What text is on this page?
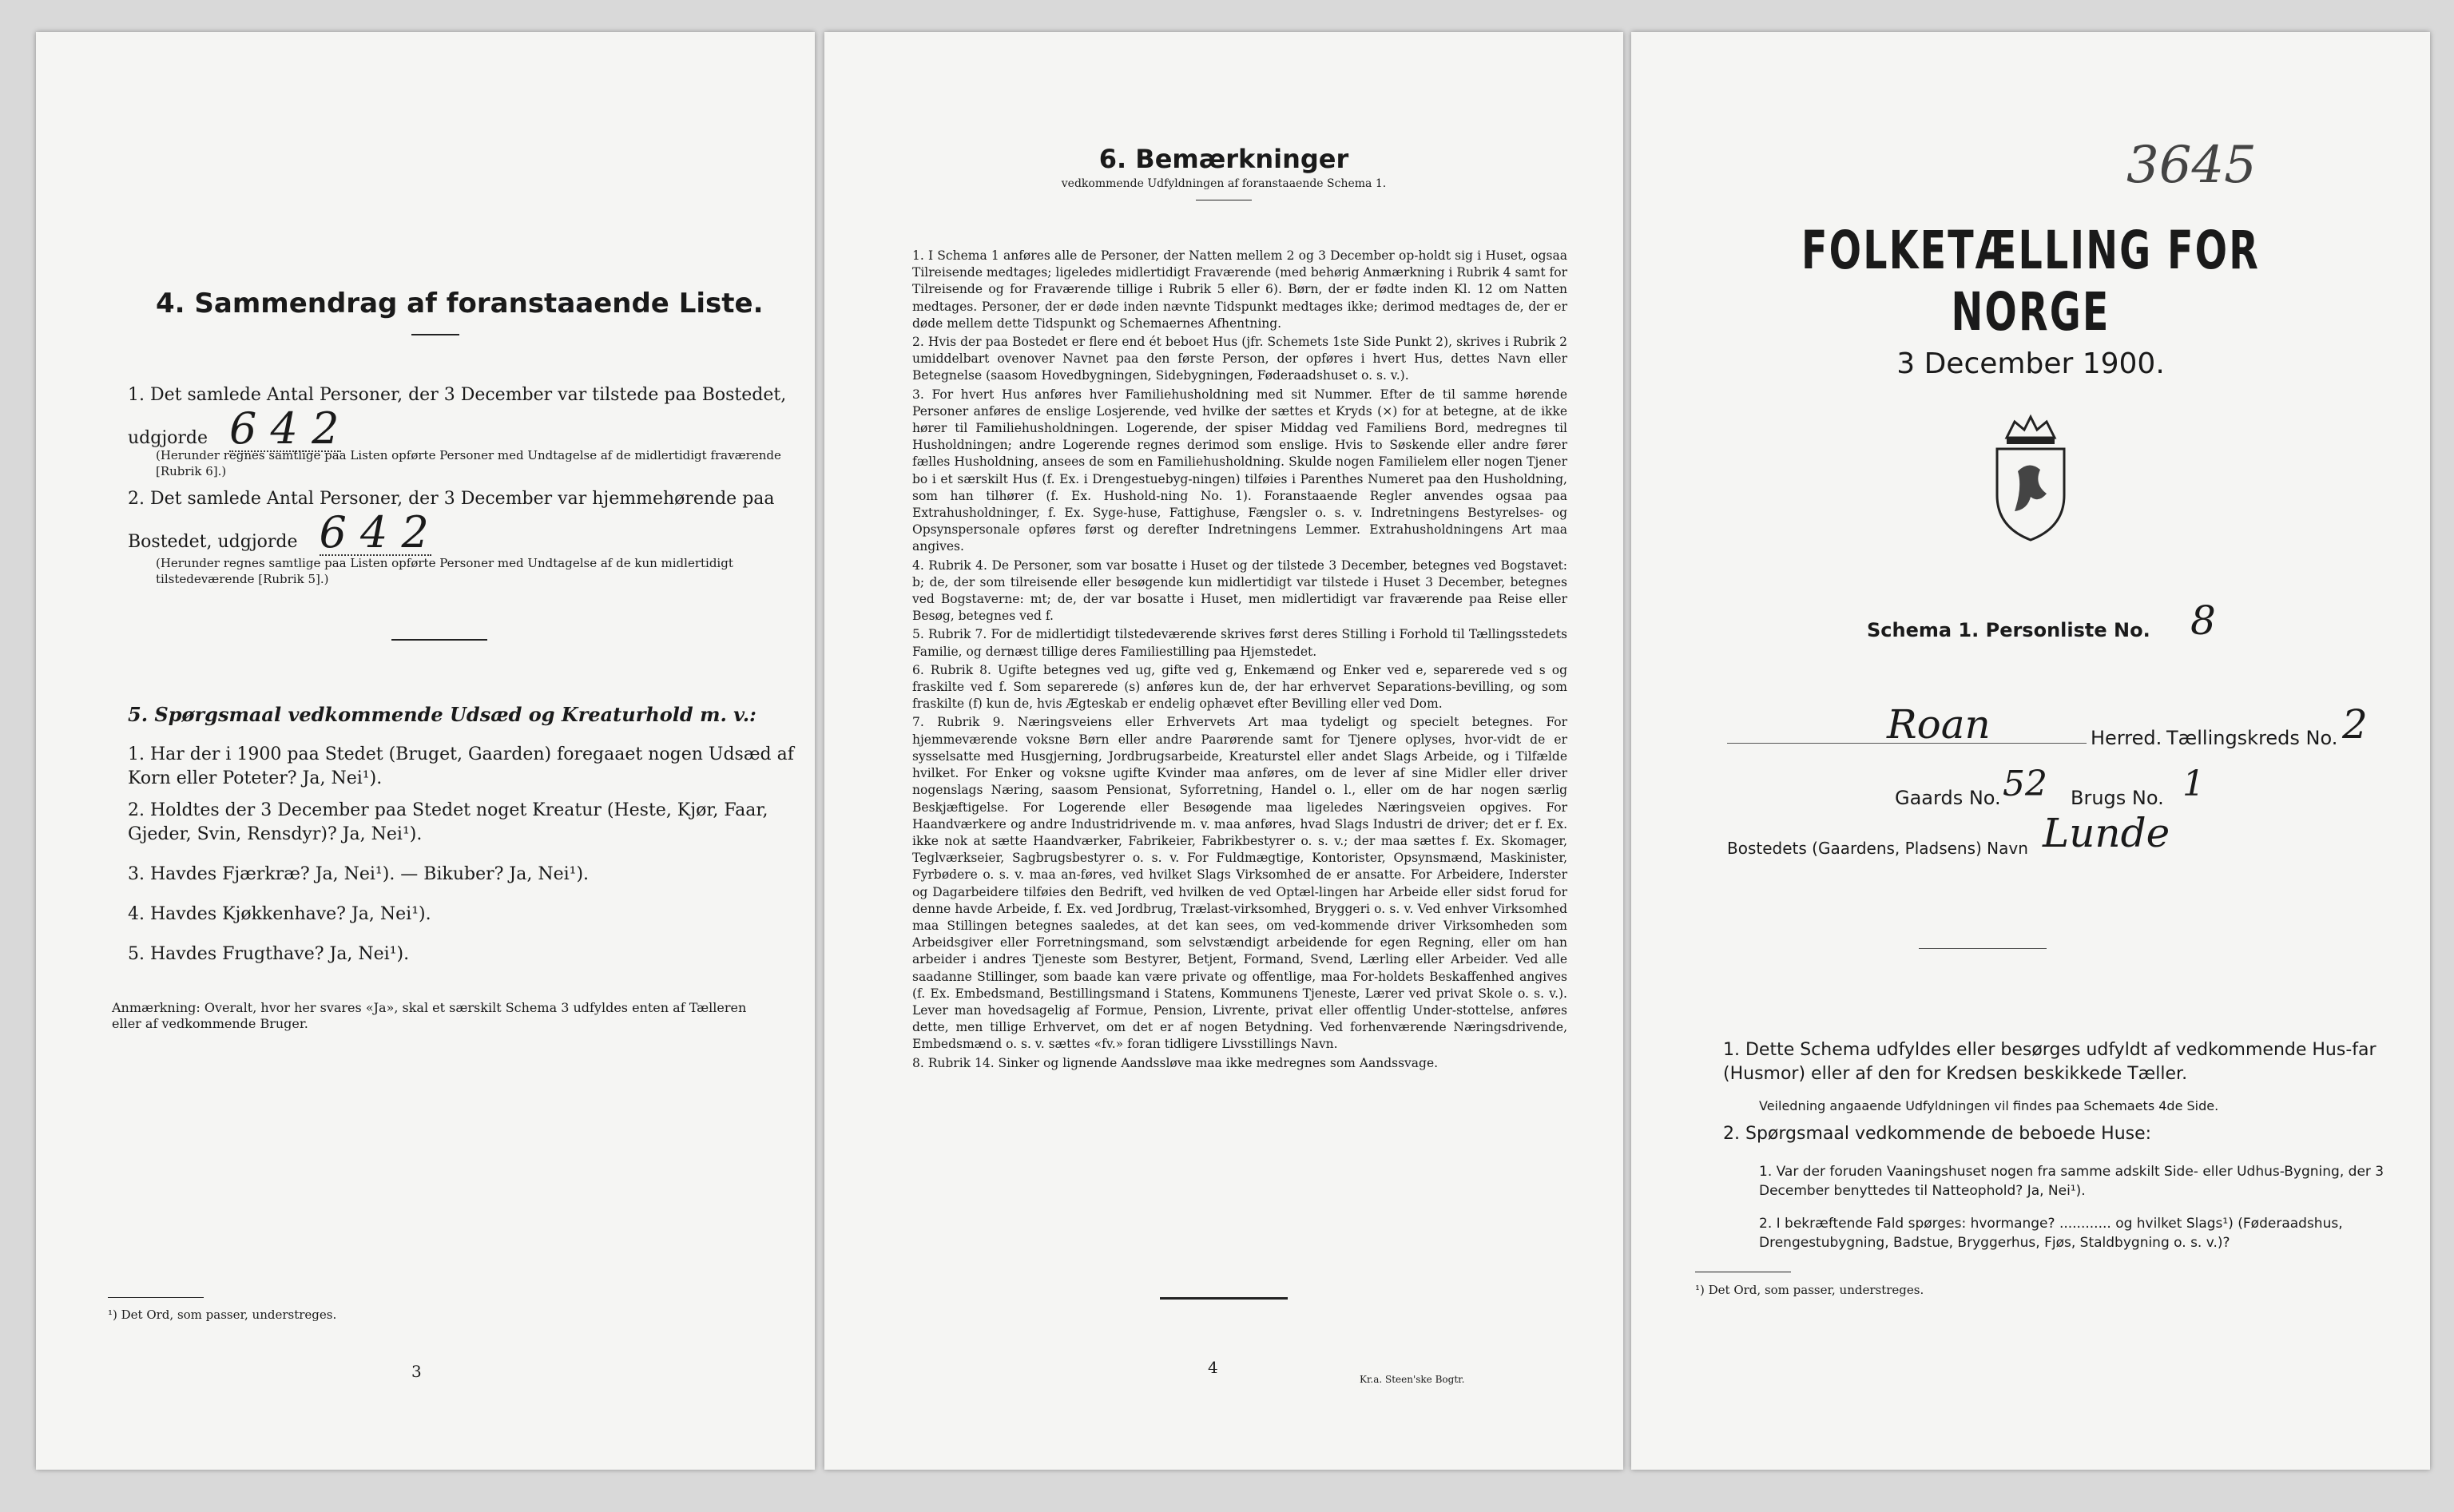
4. Sammendrag af foranstaaende Liste.
1. Det samlede Antal Personer, der 3 December var tilstede paa Bostedet,
udgjorde 6 4 2
(Herunder regnes samtlige paa Listen opførte Personer med Undtagelse af de midlertidigt fraværende [Rubrik 6].)
2. Det samlede Antal Personer, der 3 December var hjemmehørende paa
Bostedet, udgjorde 6 4 2
(Herunder regnes samtlige paa Listen opførte Personer med Undtagelse af de kun midlertidigt tilstedeværende [Rubrik 5].)
5. Spørgsmaal vedkommende Udsæd og Kreaturhold m. v.:
1. Har der i 1900 paa Stedet (Bruget, Gaarden) foregaaet nogen Udsæd af Korn eller Poteter? Ja, Nei¹).
2. Holdtes der 3 December paa Stedet noget Kreatur (Heste, Kjør, Faar, Gjeder, Svin, Rensdyr)? Ja, Nei¹).
3. Havdes Fjærkræ? Ja, Nei¹). — Bikuber? Ja, Nei¹).
4. Havdes Kjøkkenhave? Ja, Nei¹).
5. Havdes Frugthave? Ja, Nei¹).
Anmærkning: Overalt, hvor her svares «Ja», skal et særskilt Schema 3 udfyldes enten af Tælleren eller af vedkommende Bruger.
¹) Det Ord, som passer, understreges.
3
6. Bemærkninger
vedkommende Udfyldningen af foranstaaende Schema 1.

1. I Schema 1 anføres alle de Personer, der Natten mellem 2 og 3 December op-holdt sig i Huset, ogsaa Tilreisende medtages; ligeledes midlertidigt Fraværende (med behørig Anmærkning i Rubrik 4 samt for Tilreisende og for Fraværende tillige i Rubrik 5 eller 6). Børn, der er fødte inden Kl. 12 om Natten medtages. Personer, der er døde inden nævnte Tidspunkt medtages ikke; derimod medtages de, der er døde mellem dette Tidspunkt og Schemaernes Afhentning.

2. Hvis der paa Bostedet er flere end ét beboet Hus (jfr. Schemets 1ste Side Punkt 2), skrives i Rubrik 2 umiddelbart ovenover Navnet paa den første Person, der opføres i hvert Hus, dettes Navn eller Betegnelse (saasom Hovedbygningen, Sidebygningen, Føderaadshuset o. s. v.).

3. For hvert Hus anføres hver Familiehusholdning med sit Nummer. Efter de til samme hørende Personer anføres de enslige Losjerende, ved hvilke der sættes et Kryds (×) for at betegne, at de ikke hører til Familiehusholdningen. Logerende, der spiser Middag ved Familiens Bord, medregnes til Husholdningen; andre Logerende regnes derimod som enslige. Hvis to Søskende eller andre fører fælles Husholdning, ansees de som en Familiehusholdning. Skulde nogen Familielem eller nogen Tjener bo i et særskilt Hus (f. Ex. i Drengestuebyg-ningen) tilføies i Parenthes Numeret paa den Husholdning, som han tilhører (f. Ex. Hushold-ning No. 1). Foranstaaende Regler anvendes ogsaa paa Extrahusholdninger, f. Ex. Syge-huse, Fattighuse, Fængsler o. s. v. Indretningens Bestyrelses- og Opsynspersonale opføres først og derefter Indretningens Lemmer. Extrahusholdningens Art maa angives.

4. Rubrik 4. De Personer, som var bosatte i Huset og der tilstede 3 December, betegnes ved Bogstavet: b; de, der som tilreisende eller besøgende kun midlertidigt var tilstede i Huset 3 December, betegnes ved Bogstaverne: mt; de, der var bosatte i Huset, men midlertidigt var fraværende paa Reise eller Besøg, betegnes ved f.

5. Rubrik 7. For de midlertidigt tilstedeværende skrives først deres Stilling i Forhold til Tællingsstedets Familie, og dernæst tillige deres Familiestilling paa Hjemstedet.

6. Rubrik 8. Ugifte betegnes ved ug, gifte ved g, Enkemænd og Enker ved e, separerede ved s og fraskilte ved f. Som separerede (s) anføres kun de, der har erhvervet Separations-bevilling, og som fraskilte (f) kun de, hvis Ægteskab er endelig ophævet efter Bevilling eller ved Dom.

7. Rubrik 9. Næringsveiens eller Erhvervets Art maa tydeligt og specielt betegnes. For hjemmeværende voksne Børn eller andre Paarørende samt for Tjenere oplyses, hvor-vidt de er sysselsatte med Husgjerning, Jordbrugsarbeide, Kreaturstel eller andet Slags Arbeide, og i Tilfælde hvilket. For Enker og voksne ugifte Kvinder maa anføres, om de lever af sine Midler eller driver nogenslags Næring, saasom Pensionat, Syforretning, Handel o. l., eller om de har nogen særlig Beskjæftigelse. For Logerende eller Besøgende maa ligeledes Næringsveien opgives. For Haandværkere og andre Industridrivende m. v. maa anføres, hvad Slags Industri de driver; det er f. Ex. ikke nok at sætte Haandværker, Fabrikeier, Fabrikbestyrer o. s. v.; der maa sættes f. Ex. Skomager, Teglværkseier, Sagbrugsbestyrer o. s. v. For Fuldmægtige, Kontorister, Opsynsmænd, Maskinister, Fyrbødere o. s. v. maa an-føres, ved hvilket Slags Virksomhed de er ansatte. For Arbeidere, Inderster og Dagarbeidere tilføies den Bedrift, ved hvilken de ved Optæl-lingen har Arbeide eller sidst forud for denne havde Arbeide, f. Ex. ved Jordbrug, Trælast-virksomhed, Bryggeri o. s. v. Ved enhver Virksomhed maa Stillingen betegnes saaledes, at det kan sees, om ved-kommende driver Virksomheden som Arbeidsgiver eller Forretningsmand, som selvstændigt arbeidende for egen Regning, eller om han arbeider i andres Tjeneste som Bestyrer, Betjent, Formand, Svend, Lærling eller Arbeider. Ved alle saadanne Stillinger, som baade kan være private og offentlige, maa For-holdets Beskaffenhed angives (f. Ex. Embedsmand, Bestillingsmand i Statens, Kommunens Tjeneste, Lærer ved privat Skole o. s. v.). Lever man hovedsagelig af Formue, Pension, Livrente, privat eller offentlig Under-stottelse, anføres dette, men tillige Erhvervet, om det er af nogen Betydning. Ved forhenværende Næringsdrivende, Embedsmænd o. s. v. sættes «fv.» foran tidligere Livsstillings Navn.

8. Rubrik 14. Sinker og lignende Aandssløve maa ikke medregnes som Aandssvage.

4
Kr.a. Steen'ske Bogtr.
3645
FOLKETÆLLING FOR NORGE
3 December 1900.
Schema 1. Personliste No. 8
Roan	Herred. Tællingskreds No. 2
Gaards No. 52 Brugs No. 1
Bostedets (Gaardens, Pladsens) Navn Lunde
1. Dette Schema udfyldes eller besørges udfyldt af vedkommende Hus-far (Husmor) eller af den for Kredsen beskikkede Tæller.
Veiledning angaaende Udfyldningen vil findes paa Schemaets 4de Side.
2. Spørgsmaal vedkommende de beboede Huse:
1. Var der foruden Vaaningshuset nogen fra samme adskilt Side- eller Udhus-Bygning, der 3 December benyttedes til Natteophold? Ja, Nei¹).
2. I bekræftende Fald spørges: hvormange? ............ og hvilket Slags¹) (Føderaadshus, Drengestubygning, Badstue, Bryggerhus, Fjøs, Staldbygning o. s. v.)?
¹) Det Ord, som passer, understreges.
